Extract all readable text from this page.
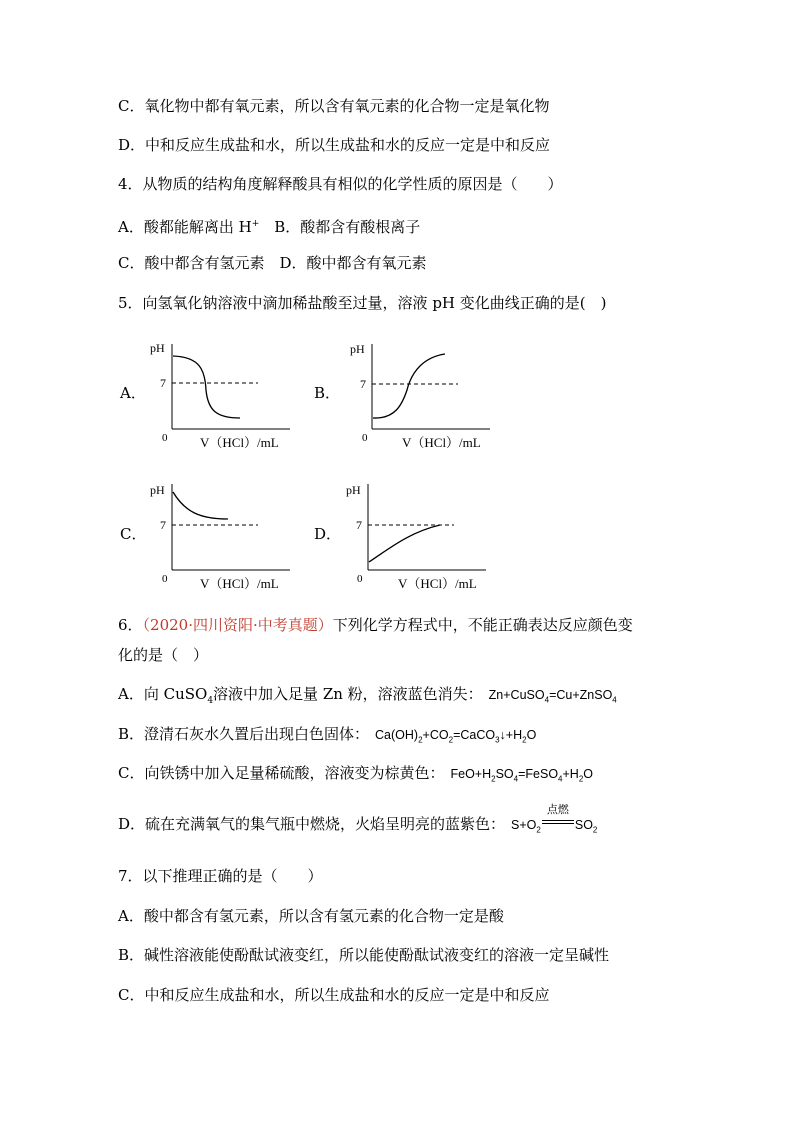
C．氧化物中都有氧元素，所以含有氧元素的化合物一定是氧化物
D．中和反应生成盐和水，所以生成盐和水的反应一定是中和反应
4．从物质的结构角度解释酸具有相似的化学性质的原因是（　　）
A．酸都能解离出 H+　B．酸都含有酸根离子
C．酸中都含有氢元素　D．酸中都含有氧元素
5．向氢氧化钠溶液中滴加稀盐酸至过量，溶液 pH 变化曲线正确的是(　)
A．
pH
7
0	V（HCl）/mL
B．
pH
7
0	V（HCl）/mL
C．
pH
7
0	V（HCl）/mL
D．
pH
7
0	V（HCl）/mL
6．（2020·四川资阳·中考真题）下列化学方程式中，不能正确表达反应颜色变
化的是（　）
A．向 CuSO$_4$溶液中加入足量 Zn 粉，溶液蓝色消失： Zn+CuSO$_4$=Cu+ZnSO$_4$
B．澄清石灰水久置后出现白色固体： $Ca(OH)_2+CO_2=CaCO_3↓+H_2O$
C．向铁锈中加入足量稀硫酸，溶液变为棕黄色： $FeO+H_2SO_4=FeSO_4+H_2O$
D．硫在充满氧气的集气瓶中燃烧，火焰呈明亮的蓝紫色： $S+O_2$
点燃
$SO_2$
7．以下推理正确的是（　　）
A．酸中都含有氢元素，所以含有氢元素的化合物一定是酸
B．碱性溶液能使酚酞试液变红，所以能使酚酞试液变红的溶液一定呈碱性
C．中和反应生成盐和水，所以生成盐和水的反应一定是中和反应
